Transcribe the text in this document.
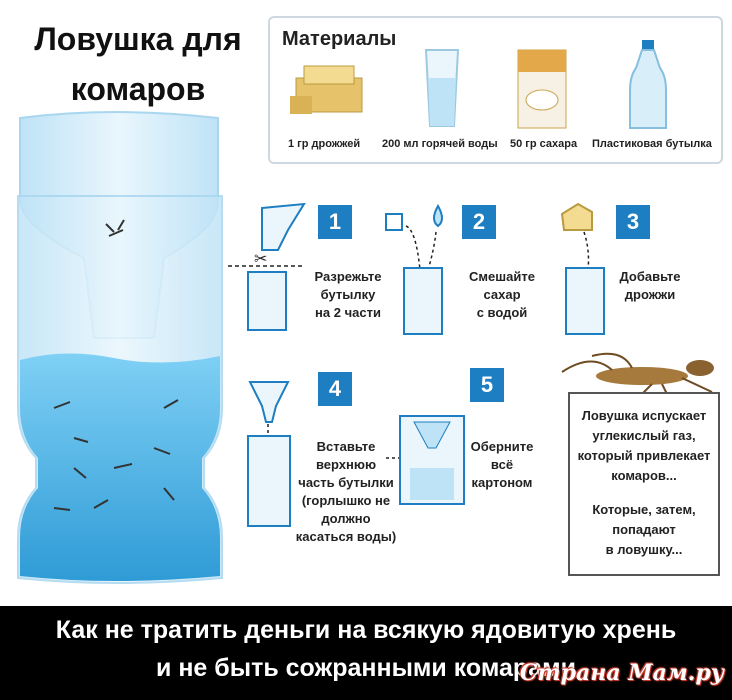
Ловушка для
комаров
Материалы
1 гр дрожжей 200 мл горячей воды 50 гр сахара Пластиковая бутылка
✂
1
Разрежьте
бутылку
на 2 части
2
Смешайте
сахар
с водой
3
Добавьте
дрожжи
4
Вставьте
верхнюю
часть бутылки
(горлышко не
должно
касаться воды)
5
Оберните
всё
картоном
Ловушка испускает
углекислый газ,
который привлекает
комаров...
Которые, затем,
попадают
в ловушку...
Как не тратить деньги на всякую ядовитую хрень
и не быть сожранными комарами
Страна Мам.ру
